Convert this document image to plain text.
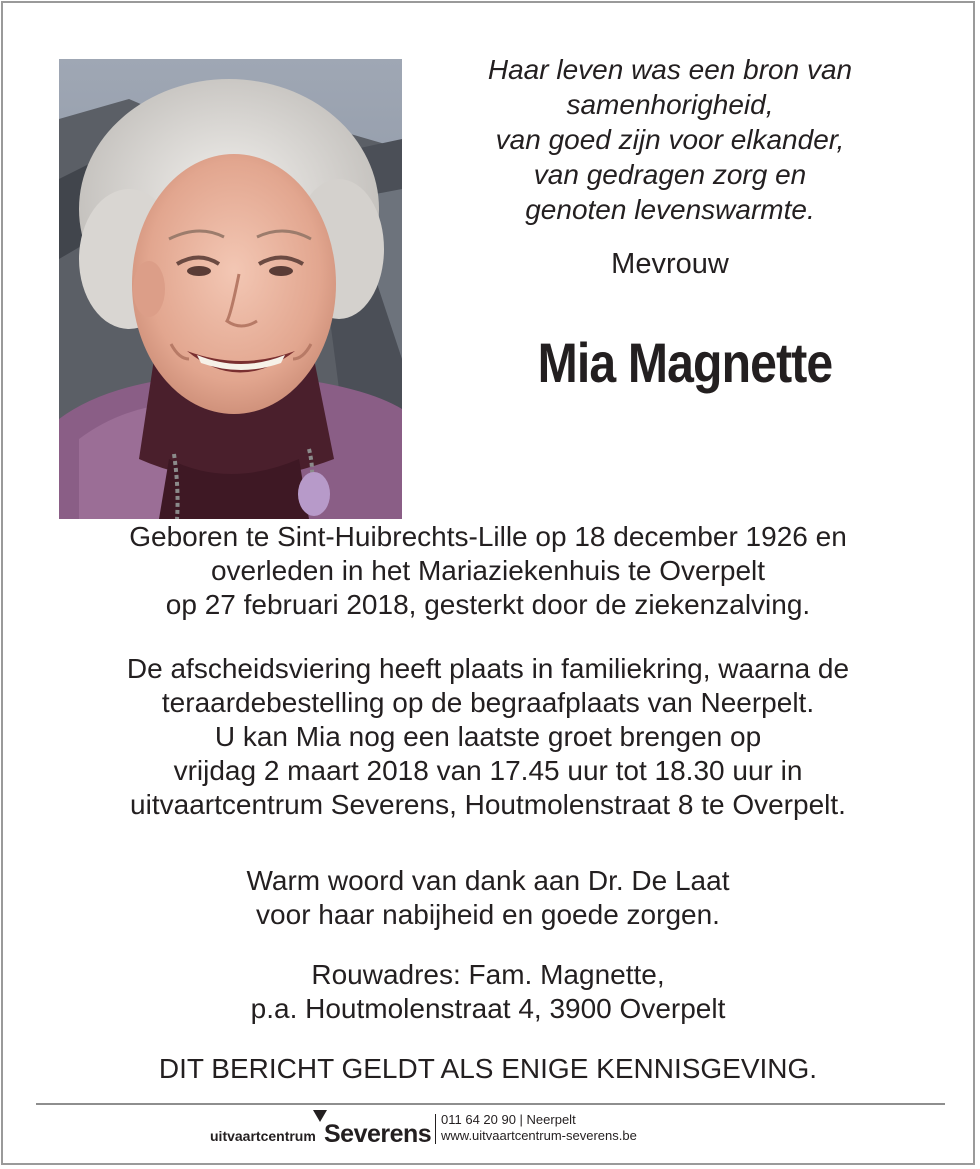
Haar leven was een bron van
samenhorigheid,
van goed zijn voor elkander,
van gedragen zorg en
genoten levenswarmte.
Mevrouw
Mia Magnette
Geboren te Sint-Huibrechts-Lille op 18 december 1926 en
overleden in het Mariaziekenhuis te Overpelt
op 27 februari 2018, gesterkt door de ziekenzalving.
De afscheidsviering heeft plaats in familiekring, waarna de
teraardebestelling op de begraafplaats van Neerpelt.
U kan Mia nog een laatste groet brengen op
vrijdag 2 maart 2018 van 17.45 uur tot 18.30 uur in
uitvaartcentrum Severens, Houtmolenstraat 8 te Overpelt.
Warm woord van dank aan Dr. De Laat
voor haar nabijheid en goede zorgen.
Rouwadres: Fam. Magnette,
p.a. Houtmolenstraat 4, 3900 Overpelt
DIT BERICHT GELDT ALS ENIGE KENNISGEVING.
uitvaartcentrum Severens
011 64 20 90 | Neerpelt
www.uitvaartcentrum-severens.be
